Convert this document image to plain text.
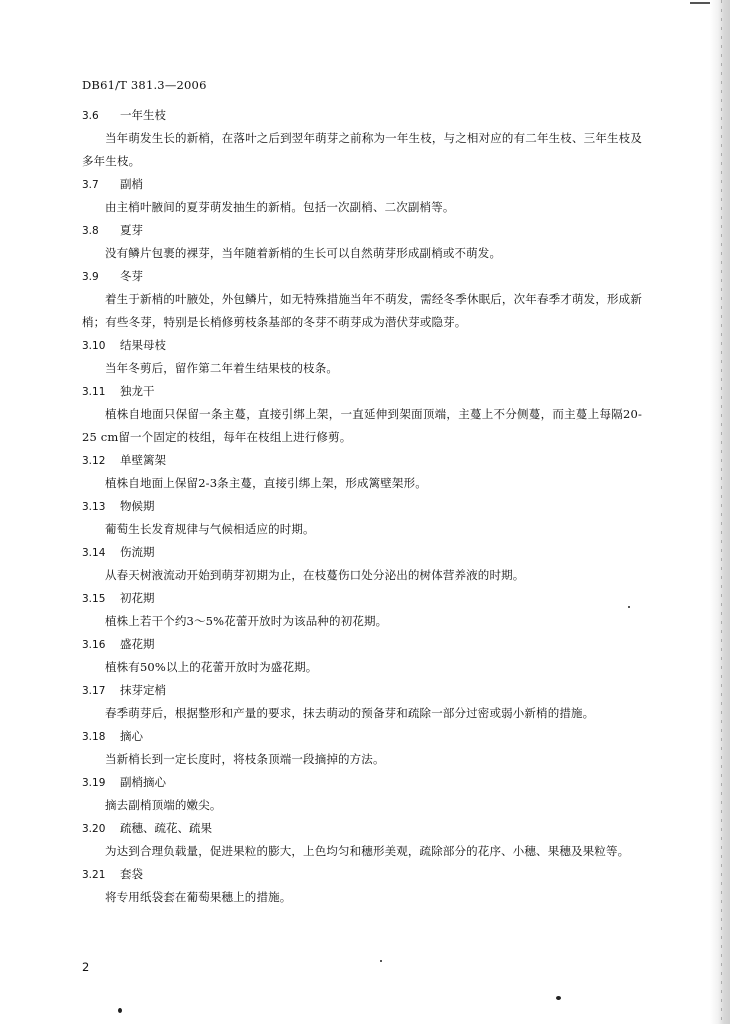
DB61/T 381.3—2006
3.6 一年生枝

当年萌发生长的新梢，在落叶之后到翌年萌芽之前称为一年生枝，与之相对应的有二年生枝、三年生枝及多年生枝。

3.7 副梢

由主梢叶腋间的夏芽萌发抽生的新梢。包括一次副梢、二次副梢等。

3.8 夏芽

没有鳞片包裹的裸芽，当年随着新梢的生长可以自然萌芽形成副梢或不萌发。

3.9 冬芽

着生于新梢的叶腋处，外包鳞片，如无特殊措施当年不萌发，需经冬季休眠后，次年春季才萌发，形成新梢；有些冬芽，特别是长梢修剪枝条基部的冬芽不萌芽成为潜伏芽或隐芽。

3.10 结果母枝

当年冬剪后，留作第二年着生结果枝的枝条。

3.11 独龙干

植株自地面只保留一条主蔓，直接引绑上架，一直延伸到架面顶端，主蔓上不分侧蔓，而主蔓上每隔20-25 cm留一个固定的枝组，每年在枝组上进行修剪。

3.12 单壁篱架

植株自地面上保留2-3条主蔓，直接引绑上架，形成篱壁架形。

3.13 物候期

葡萄生长发育规律与气候相适应的时期。

3.14 伤流期

从春天树液流动开始到萌芽初期为止，在枝蔓伤口处分泌出的树体营养液的时期。

3.15 初花期

植株上若干个约3～5%花蕾开放时为该品种的初花期。

3.16 盛花期

植株有50%以上的花蕾开放时为盛花期。

3.17 抹芽定梢

春季萌芽后，根据整形和产量的要求，抹去萌动的预备芽和疏除一部分过密或弱小新梢的措施。

3.18 摘心

当新梢长到一定长度时，将枝条顶端一段摘掉的方法。

3.19 副梢摘心

摘去副梢顶端的嫩尖。

3.20 疏穗、疏花、疏果

为达到合理负载量，促进果粒的膨大，上色均匀和穗形美观，疏除部分的花序、小穗、果穗及果粒等。

3.21 套袋

将专用纸袋套在葡萄果穗上的措施。

2
